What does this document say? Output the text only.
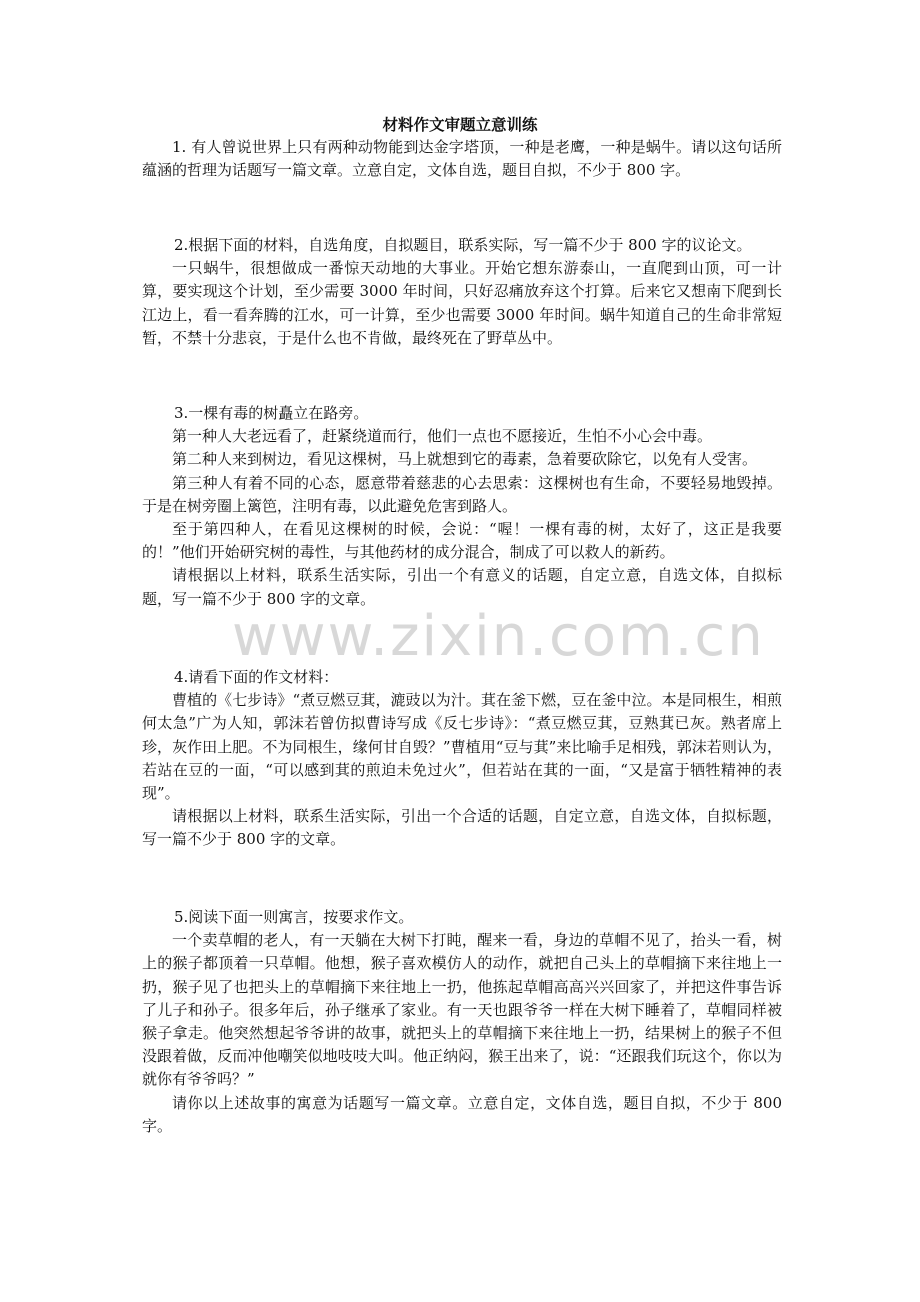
材料作文审题立意训练

1. 有人曾说世界上只有两种动物能到达金字塔顶，一种是老鹰，一种是蜗牛。请以这句话所蕴涵的哲理为话题写一篇文章。立意自定，文体自选，题目自拟，不少于 800 字。

2.根据下面的材料，自选角度，自拟题目，联系实际，写一篇不少于 800 字的议论文。

一只蜗牛，很想做成一番惊天动地的大事业。开始它想东游泰山，一直爬到山顶，可一计算，要实现这个计划，至少需要 3000 年时间，只好忍痛放弃这个打算。后来它又想南下爬到长江边上，看一看奔腾的江水，可一计算，至少也需要 3000 年时间。蜗牛知道自己的生命非常短暂，不禁十分悲哀，于是什么也不肯做，最终死在了野草丛中。

3.一棵有毒的树矗立在路旁。

第一种人大老远看了，赶紧绕道而行，他们一点也不愿接近，生怕不小心会中毒。

第二种人来到树边，看见这棵树，马上就想到它的毒素，急着要砍除它，以免有人受害。

第三种人有着不同的心态，愿意带着慈悲的心去思索：这棵树也有生命，不要轻易地毁掉。于是在树旁圈上篱笆，注明有毒，以此避免危害到路人。

至于第四种人，在看见这棵树的时候，会说：“喔！一棵有毒的树，太好了，这正是我要的！”他们开始研究树的毒性，与其他药材的成分混合，制成了可以救人的新药。

请根据以上材料，联系生活实际，引出一个有意义的话题，自定立意，自选文体，自拟标题，写一篇不少于 800 字的文章。

www.zixin.com.cn

4.请看下面的作文材料：

曹植的《七步诗》“煮豆燃豆萁，漉豉以为汁。萁在釜下燃，豆在釜中泣。本是同根生，相煎何太急”广为人知，郭沫若曾仿拟曹诗写成《反七步诗》：“煮豆燃豆萁，豆熟萁已灰。熟者席上珍，灰作田上肥。不为同根生，缘何甘自毁？”曹植用“豆与萁”来比喻手足相残，郭沫若则认为，若站在豆的一面，“可以感到萁的煎迫未免过火”，但若站在萁的一面，“又是富于牺牲精神的表现”。

请根据以上材料，联系生活实际，引出一个合适的话题，自定立意，自选文体，自拟标题，写一篇不少于 800 字的文章。

5.阅读下面一则寓言，按要求作文。

一个卖草帽的老人，有一天躺在大树下打盹，醒来一看，身边的草帽不见了，抬头一看，树上的猴子都顶着一只草帽。他想，猴子喜欢模仿人的动作，就把自己头上的草帽摘下来往地上一扔，猴子见了也把头上的草帽摘下来往地上一扔，他拣起草帽高高兴兴回家了，并把这件事告诉了儿子和孙子。很多年后，孙子继承了家业。有一天也跟爷爷一样在大树下睡着了，草帽同样被猴子拿走。他突然想起爷爷讲的故事，就把头上的草帽摘下来往地上一扔，结果树上的猴子不但没跟着做，反而冲他嘲笑似地吱吱大叫。他正纳闷，猴王出来了，说：“还跟我们玩这个，你以为就你有爷爷吗？”

请你以上述故事的寓意为话题写一篇文章。立意自定，文体自选，题目自拟，不少于 800 字。
